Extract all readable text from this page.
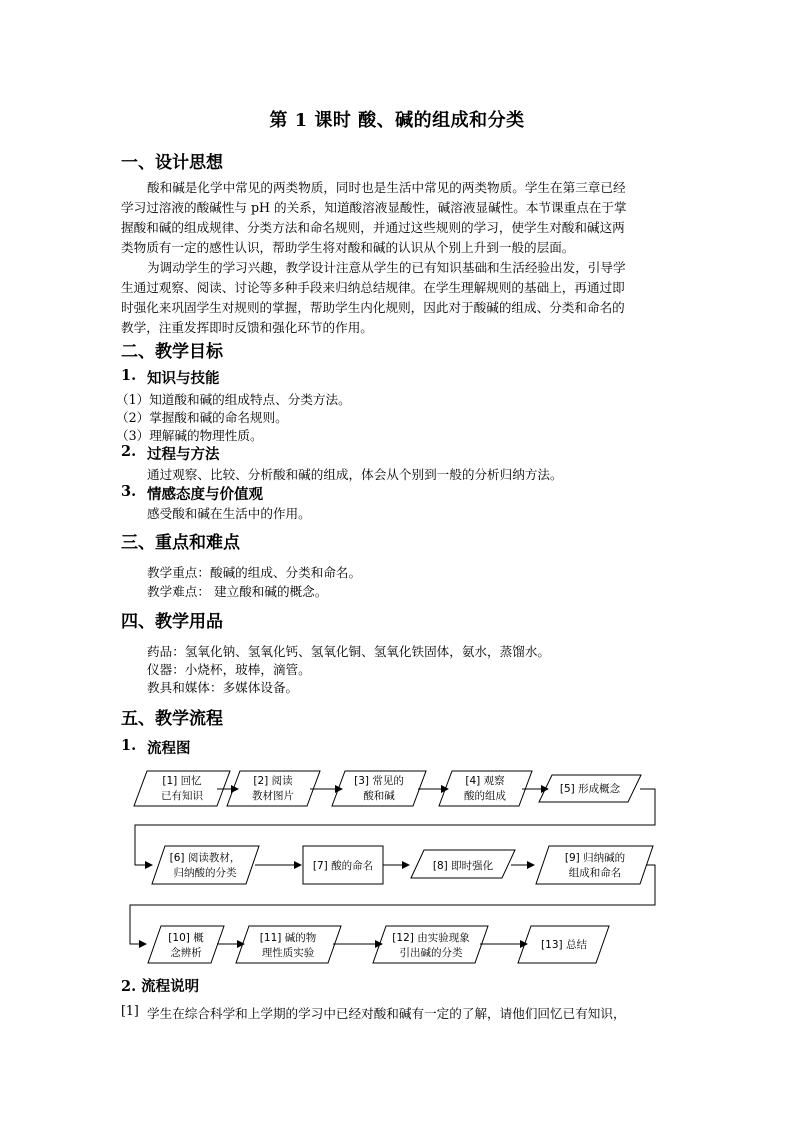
第 1 课时 酸、碱的组成和分类
一、设计思想
酸和碱是化学中常见的两类物质，同时也是生活中常见的两类物质。学生在第三章已经
学习过溶液的酸碱性与 pH 的关系，知道酸溶液显酸性，碱溶液显碱性。本节课重点在于掌
握酸和碱的组成规律、分类方法和命名规则，并通过这些规则的学习，使学生对酸和碱这两
类物质有一定的感性认识，帮助学生将对酸和碱的认识从个别上升到一般的层面。
为调动学生的学习兴趣，教学设计注意从学生的已有知识基础和生活经验出发，引导学
生通过观察、阅读、讨论等多种手段来归纳总结规律。在学生理解规则的基础上，再通过即
时强化来巩固学生对规则的掌握，帮助学生内化规则，因此对于酸碱的组成、分类和命名的
教学，注重发挥即时反馈和强化环节的作用。
二、教学目标
1. 知识与技能
（1）知道酸和碱的组成特点、分类方法。
（2）掌握酸和碱的命名规则。
（3）理解碱的物理性质。
2. 过程与方法
通过观察、比较、分析酸和碱的组成，体会从个别到一般的分析归纳方法。
3. 情感态度与价值观
感受酸和碱在生活中的作用。
三、重点和难点
教学重点：酸碱的组成、分类和命名。
教学难点： 建立酸和碱的概念。
四、教学用品
药品：氢氧化钠、氢氧化钙、氢氧化铜、氢氧化铁固体，氨水，蒸馏水。
仪器：小烧杯，玻棒，滴管。
教具和媒体：多媒体设备。
五、教学流程
1. 流程图
[1] 回忆
已有知识
[2] 阅读
教材图片
[3] 常见的
酸和碱
[4] 观察
酸的组成
[5] 形成概念
[6] 阅读教材，
归纳酸的分类
[7] 酸的命名	[8] 即时强化
[9] 归纳碱的
组成和命名
[10] 概
念辨析
[11] 碱的物
理性质实验
[12] 由实验现象
引出碱的分类
[13] 总结
2. 流程说明
[1] 学生在综合科学和上学期的学习中已经对酸和碱有一定的了解，请他们回忆已有知识，
